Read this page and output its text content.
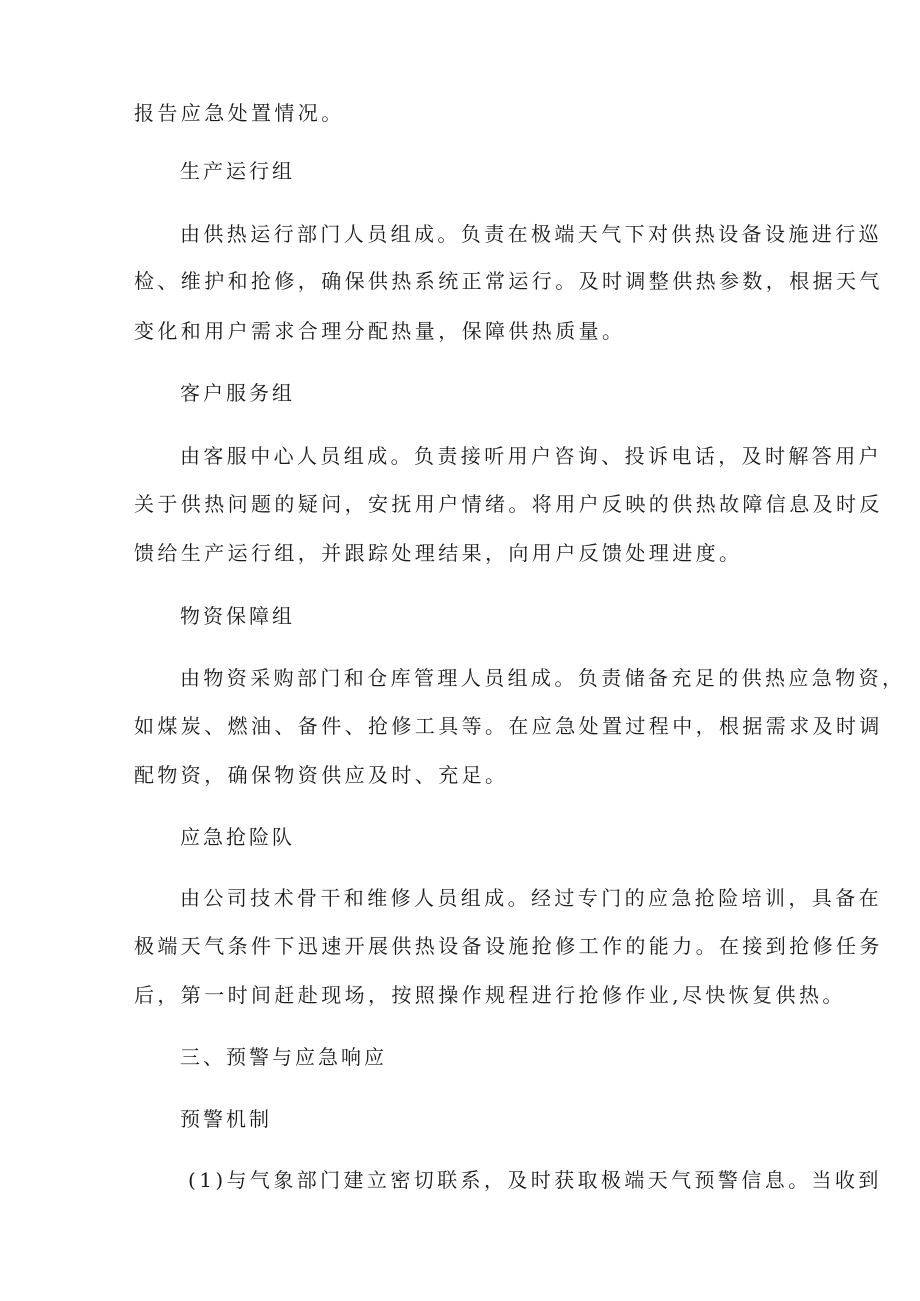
报告应急处置情况。
生产运行组
由供热运行部门人员组成。负责在极端天气下对供热设备设施进行巡
检、维护和抢修，确保供热系统正常运行。及时调整供热参数，根据天气
变化和用户需求合理分配热量，保障供热质量。
客户服务组
由客服中心人员组成。负责接听用户咨询、投诉电话，及时解答用户
关于供热问题的疑问，安抚用户情绪。将用户反映的供热故障信息及时反
馈给生产运行组，并跟踪处理结果，向用户反馈处理进度。
物资保障组
由物资采购部门和仓库管理人员组成。负责储备充足的供热应急物资，
如煤炭、燃油、备件、抢修工具等。在应急处置过程中，根据需求及时调
配物资，确保物资供应及时、充足。
应急抢险队
由公司技术骨干和维修人员组成。经过专门的应急抢险培训，具备在
极端天气条件下迅速开展供热设备设施抢修工作的能力。在接到抢修任务
后，第一时间赶赴现场，按照操作规程进行抢修作业,尽快恢复供热。
三、预警与应急响应
预警机制
(1)与气象部门建立密切联系，及时获取极端天气预警信息。当收到
